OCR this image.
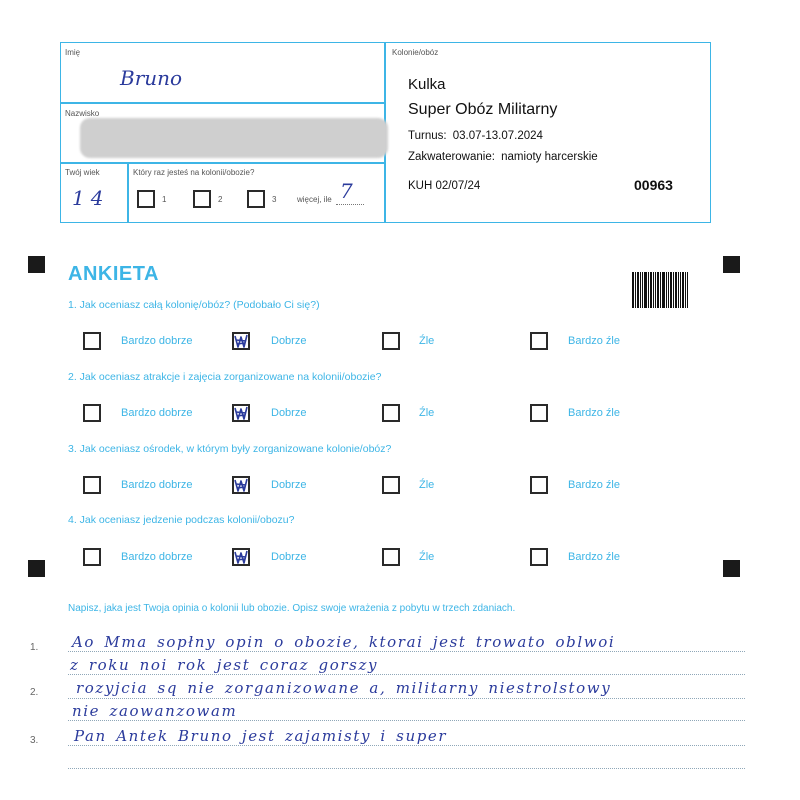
Imię
Bruno
Nazwisko
Twój wiek
14
Który raz jesteś na kolonii/obozie?
1	2	3	więcej, ile 7
Kolonie/obóz
Kulka
Super Obóz Militarny
Turnus: 03.07-13.07.2024
Zakwaterowanie: namioty harcerskie
KUH 02/07/24	00963
ANKIETA
1. Jak oceniasz całą kolonię/obóz? (Podobało Ci się?)
Bardzo dobrze	Dobrze	Źle	Bardzo źle
2. Jak oceniasz atrakcje i zajęcia zorganizowane na kolonii/obozie?
Bardzo dobrze	Dobrze	Źle	Bardzo źle
3. Jak oceniasz ośrodek, w którym były zorganizowane kolonie/obóz?
Bardzo dobrze	Dobrze	Źle	Bardzo źle
4. Jak oceniasz jedzenie podczas kolonii/obozu?
Bardzo dobrze	Dobrze	Źle	Bardzo źle
Napisz, jaka jest Twoja opinia o kolonii lub obozie. Opisz swoje wrażenia z pobytu w trzech zdaniach.
1.
2.
3.
Ao Mma sopłny opin o obozie, ktorai jest trowato oblwoi
z roku noi rok jest coraz gorszy
rozyjcia sq nie zorganizowane a, militarny niestrolstowy
nie zaowanzowam
Pan Antek Bruno jest zajamisty i super
